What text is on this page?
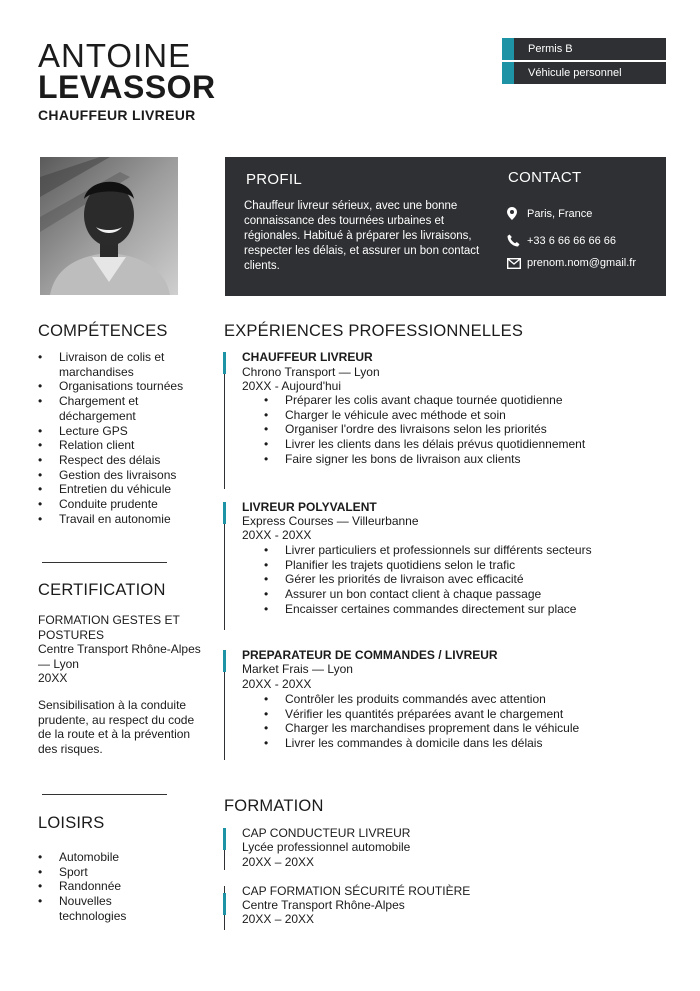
ANTOINE
LEVASSOR
CHAUFFEUR LIVREUR
Permis B
Véhicule personnel
PROFIL
Chauffeur livreur sérieux, avec une bonne connaissance des tournées urbaines et régionales. Habitué à préparer les livraisons, respecter les délais, et assurer un bon contact clients.
CONTACT
Paris, France
+33 6 66 66 66 66
prenom.nom@gmail.fr
COMPÉTENCES
• Livraison de colis et marchandises
• Organisations tournées
• Chargement et déchargement
• Lecture GPS
• Relation client
• Respect des délais
• Gestion des livraisons
• Entretien du véhicule
• Conduite prudente
• Travail en autonomie
CERTIFICATION
FORMATION GESTES ET POSTURES
Centre Transport Rhône-Alpes — Lyon
20XX
Sensibilisation à la conduite prudente, au respect du code de la route et à la prévention des risques.
LOISIRS
• Automobile
• Sport
• Randonnée
• Nouvelles technologies
EXPÉRIENCES PROFESSIONNELLES
CHAUFFEUR LIVREUR
Chrono Transport — Lyon
20XX - Aujourd'hui
• Préparer les colis avant chaque tournée quotidienne
• Charger le véhicule avec méthode et soin
• Organiser l'ordre des livraisons selon les priorités
• Livrer les clients dans les délais prévus quotidiennement
• Faire signer les bons de livraison aux clients
LIVREUR POLYVALENT
Express Courses — Villeurbanne
20XX - 20XX
• Livrer particuliers et professionnels sur différents secteurs
• Planifier les trajets quotidiens selon le trafic
• Gérer les priorités de livraison avec efficacité
• Assurer un bon contact client à chaque passage
• Encaisser certaines commandes directement sur place
PREPARATEUR DE COMMANDES / LIVREUR
Market Frais — Lyon
20XX - 20XX
• Contrôler les produits commandés avec attention
• Vérifier les quantités préparées avant le chargement
• Charger les marchandises proprement dans le véhicule
• Livrer les commandes à domicile dans les délais
FORMATION
CAP CONDUCTEUR LIVREUR
Lycée professionnel automobile
20XX – 20XX
CAP FORMATION SÉCURITÉ ROUTIÈRE
Centre Transport Rhône-Alpes
20XX – 20XX
